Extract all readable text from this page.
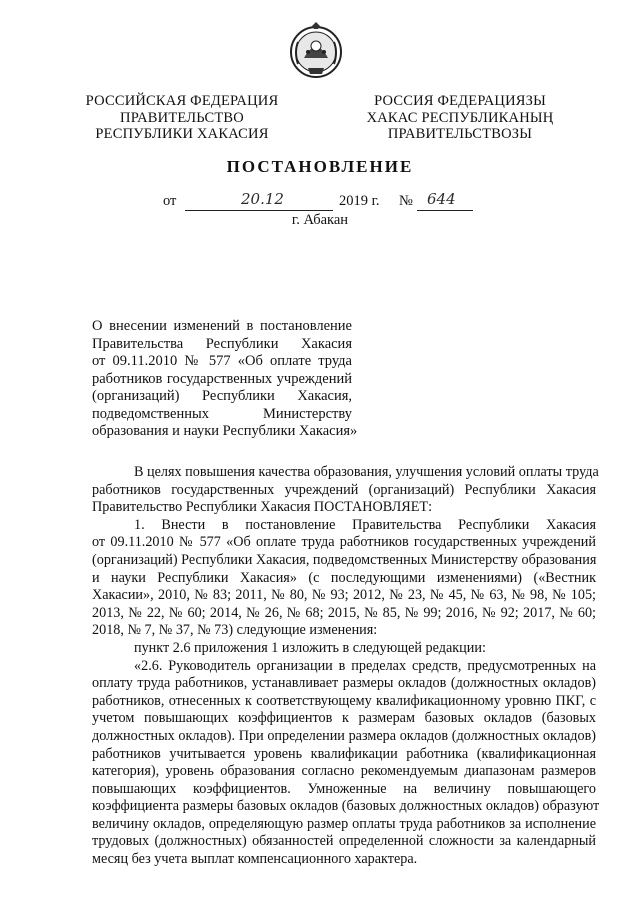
РОССИЙСКАЯ ФЕДЕРАЦИЯ
ПРАВИТЕЛЬСТВО
РЕСПУБЛИКИ ХАКАСИЯ
РОССИЯ ФЕДЕРАЦИЯЗЫ
ХАКАС РЕСПУБЛИКАНЫҢ
ПРАВИТЕЛЬСТВОЗЫ
ПОСТАНОВЛЕНИЕ
от	20.12	2019 г. № 644
г. Абакан
О внесении изменений в постановление
Правительства Республики Хакасия
от 09.11.2010 № 577 «Об оплате труда
работников государственных учреждений
(организаций) Республики Хакасия,
подведомственных Министерству
образования и науки Республики Хакасия»
В целях повышения качества образования, улучшения условий оплаты труда
работников государственных учреждений (организаций) Республики Хакасия
Правительство Республики Хакасия ПОСТАНОВЛЯЕТ:
1. Внести в постановление Правительства Республики Хакасия
от 09.11.2010 № 577 «Об оплате труда работников государственных учреждений
(организаций) Республики Хакасия, подведомственных Министерству образования
и науки Республики Хакасия» (с последующими изменениями) («Вестник
Хакасии», 2010, № 83; 2011, № 80, № 93; 2012, № 23, № 45, № 63, № 98, № 105;
2013, № 22, № 60; 2014, № 26, № 68; 2015, № 85, № 99; 2016, № 92; 2017, № 60;
2018, № 7, № 37, № 73) следующие изменения:
пункт 2.6 приложения 1 изложить в следующей редакции:
«2.6. Руководитель организации в пределах средств, предусмотренных на
оплату труда работников, устанавливает размеры окладов (должностных окладов)
работников, отнесенных к соответствующему квалификационному уровню ПКГ, с
учетом повышающих коэффициентов к размерам базовых окладов (базовых
должностных окладов). При определении размера окладов (должностных окладов)
работников учитывается уровень квалификации работника (квалификационная
категория), уровень образования согласно рекомендуемым диапазонам размеров
повышающих коэффициентов. Умноженные на величину повышающего
коэффициента размеры базовых окладов (базовых должностных окладов) образуют
величину окладов, определяющую размер оплаты труда работников за исполнение
трудовых (должностных) обязанностей определенной сложности за календарный
месяц без учета выплат компенсационного характера.
